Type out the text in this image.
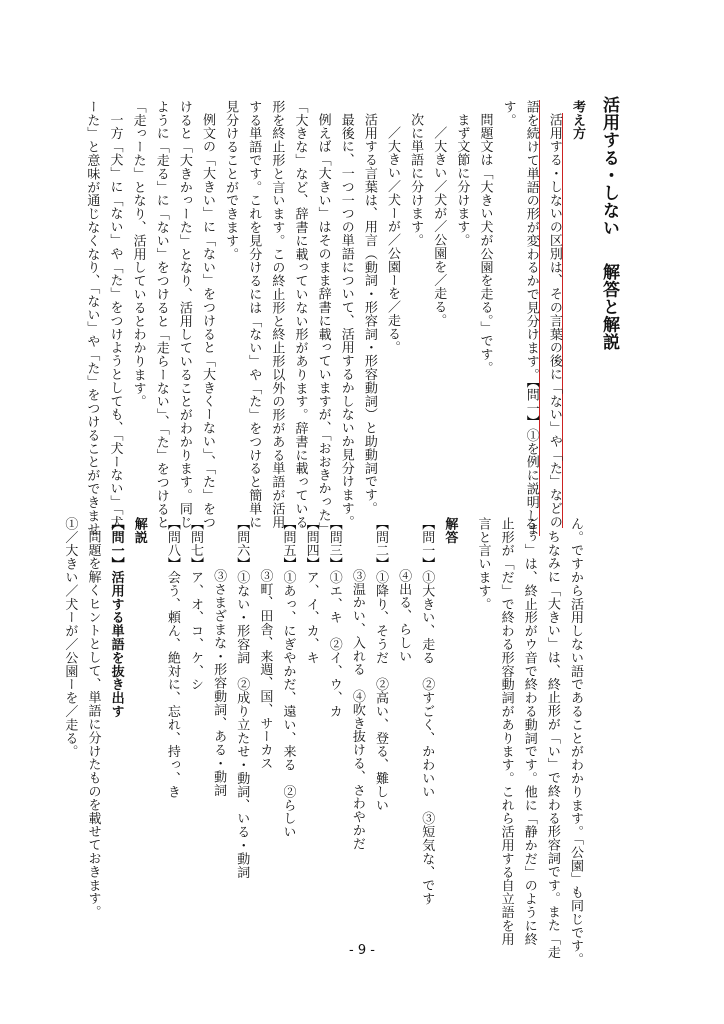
活用する・しない解答と解説
考え方
活用する・しないの区別は、その言葉の後に「ない」や「た」などの
語を続けて単語の形が変わるかで見分けます。【問一】①を例に説明しま
す。
問題文は「大きい犬が公園を走る。」です。
まず文節に分けます。
／大きい／犬が／公園を／走る。
次に単語に分けます。
／大きい／犬ーが／公園ーを／走る。
活用する言葉は、用言（動詞・形容詞・形容動詞）と助動詞です。
最後に、一つ一つの単語について、活用するかしないか見分けます。
例えば「大きい」はそのまま辞書に載っていますが、「おおきかった」
「大きな」など、辞書に載っていない形があります。辞書に載っている
形を終止形と言います。この終止形と終止形以外の形がある単語が活用
する単語です。これを見分けるには「ない」や「た」をつけると簡単に
見分けることができます。
例文の「大きい」に「ない」をつけると「大きくーない」、「た」をつ
けると「大きかっーた」となり、活用していることがわかります。同じ
ように「走る」に「ない」をつけると「走らーない」、「た」をつけると
「走っーた」となり、活用しているとわかります。
一方「犬」に「ない」や「た」をつけようとしても、「犬ーない」「犬
ーた」と意味が通じなくなり、「ない」や「た」をつけることができませ
ん。ですから活用しない語であることがわかります。「公園」も同じです。
ちなみに「大きい」は、終止形が「い」で終わる形容詞です。また「走
るぅ」は、終止形がウ音で終わる動詞です。他に「静かだ」のように終
止形が「だ」で終わる形容動詞があります。これら活用する自立語を用
言と言います。
解答
【問一】①大きい、走る　②すごく、かわいい　③短気な、です
④出る、らしい
【問二】①降り、そうだ　②高い、登る、難しい
③温かい、入れる　④吹き抜ける、さわやかだ
【問三】①エ、キ　②イ、ウ、カ
【問四】ア、イ、カ、キ
【問五】①あっ、にぎやかだ、遠い、来る　②らしい
③町、田舎、来週、国、サーカス
【問六】①ない・形容詞　②成り立たせ・動詞、いる・動詞
③さまざまな・形容動詞、ある・動詞
【問七】ア、オ、コ、ケ、シ
【問八】会う、頼ん、絶対に、忘れ、持っ、き
解説
【問一】活用する単語を抜き出す
問題を解くヒントとして、単語に分けたものを載せておきます。
①／大きい／犬ーが／公園ーを／走る。
- 9 -
